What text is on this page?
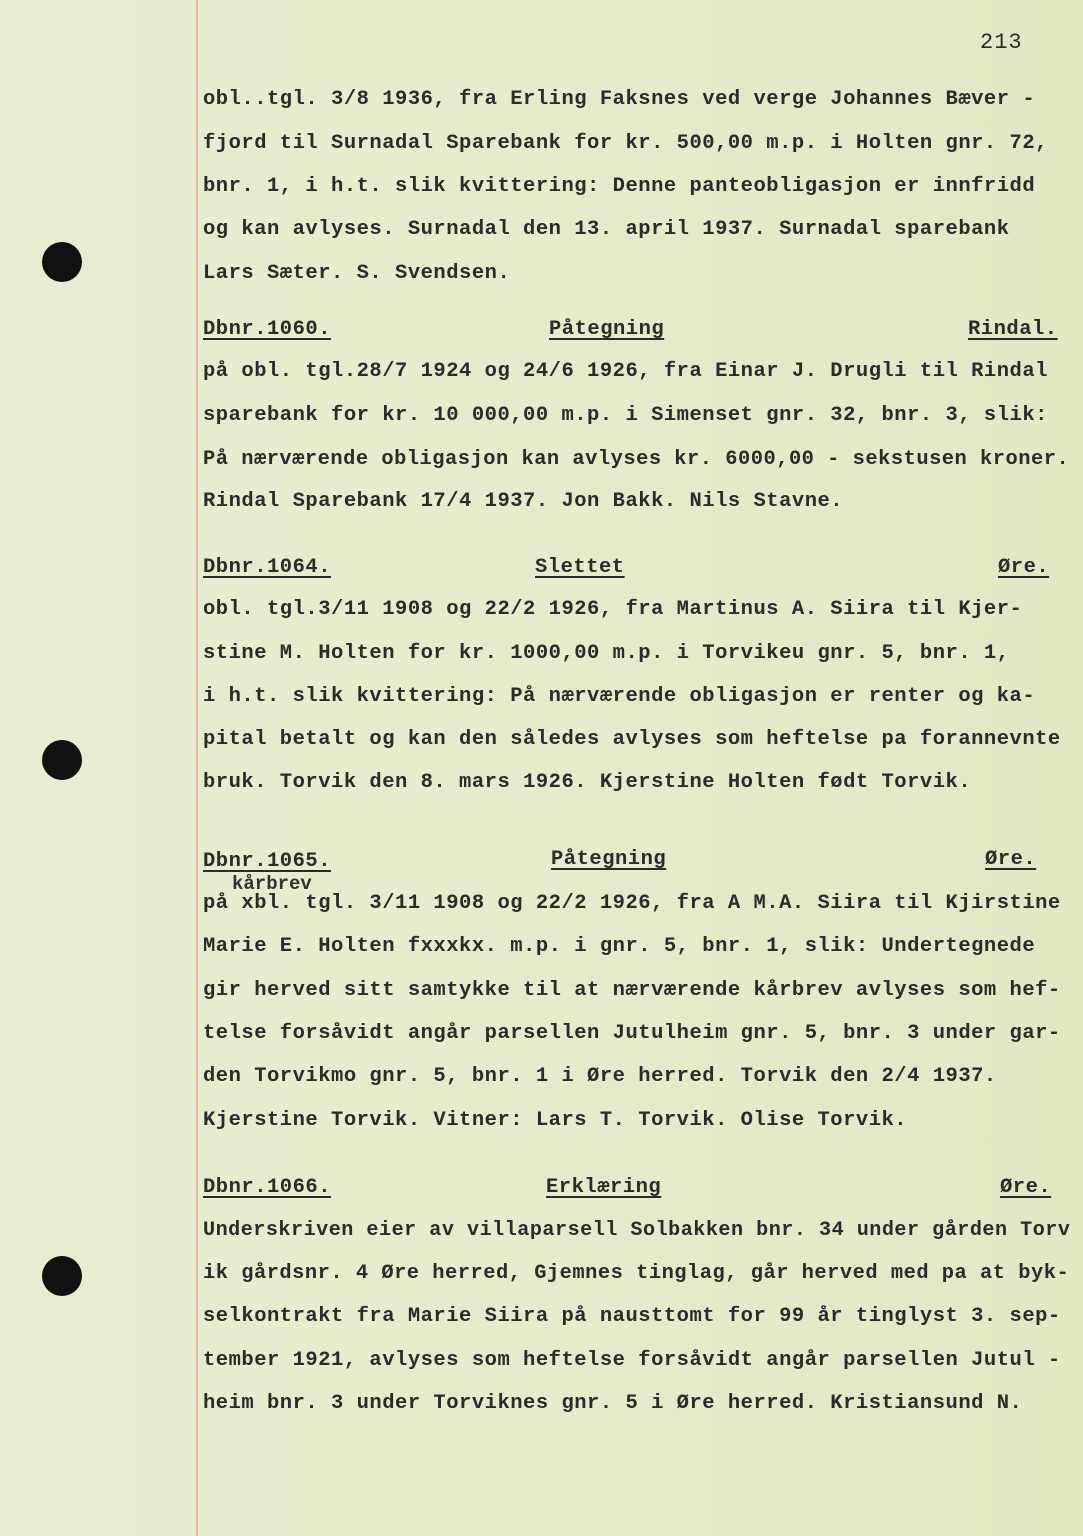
213
obl..tgl. 3/8 1936, fra Erling Faksnes ved verge Johannes Bæver -
fjord til Surnadal Sparebank for kr. 500,00 m.p. i Holten gnr. 72,
bnr. 1, i h.t. slik kvittering: Denne panteobligasjon er innfridd
og kan avlyses. Surnadal den 13. april 1937. Surnadal sparebank
Lars Sæter. S. Svendsen.
Dbnr.1060.	Påtegning	Rindal.
på obl. tgl.28/7 1924 og 24/6 1926, fra Einar J. Drugli til Rindal
sparebank for kr. 10 000,00 m.p. i Simenset gnr. 32, bnr. 3, slik:
På nærværende obligasjon kan avlyses kr. 6000,00 - sekstusen kroner.
Rindal Sparebank 17/4 1937. Jon Bakk. Nils Stavne.
Dbnr.1064.	Slettet	Øre.
obl. tgl.3/11 1908 og 22/2 1926, fra Martinus A. Siira til Kjer-
stine M. Holten for kr. 1000,00 m.p. i Torvikeu gnr. 5, bnr. 1,
i h.t. slik kvittering: På nærværende obligasjon er renter og ka-
pital betalt og kan den således avlyses som heftelse pa forannevnte
bruk. Torvik den 8. mars 1926. Kjerstine Holten født Torvik.
Dbnr.1065.	Påtegning	Øre.
kårbrev
på xbl. tgl. 3/11 1908 og 22/2 1926, fra A M.A. Siira til Kjirstine
Marie E. Holten fxxxkx. m.p. i gnr. 5, bnr. 1, slik: Undertegnede
gir herved sitt samtykke til at nærværende kårbrev avlyses som hef-
telse forsåvidt angår parsellen Jutulheim gnr. 5, bnr. 3 under gar-
den Torvikmo gnr. 5, bnr. 1 i Øre herred. Torvik den 2/4 1937.
Kjerstine Torvik. Vitner: Lars T. Torvik. Olise Torvik.
Dbnr.1066.	Erklæring	Øre.
Underskriven eier av villaparsell Solbakken bnr. 34 under gården Torv
ik gårdsnr. 4 Øre herred, Gjemnes tinglag, går herved med pa at byk-
selkontrakt fra Marie Siira på nausttomt for 99 år tinglyst 3. sep-
tember 1921, avlyses som heftelse forsåvidt angår parsellen Jutul -
heim bnr. 3 under Torviknes gnr. 5 i Øre herred. Kristiansund N.
